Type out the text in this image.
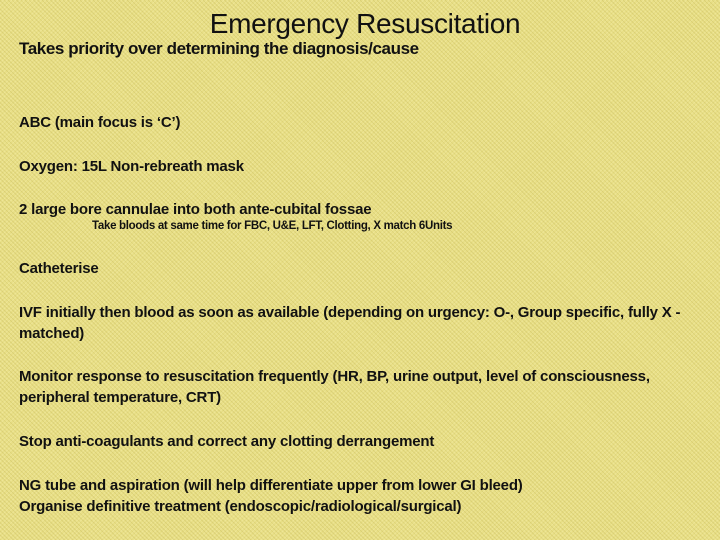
Emergency Resuscitation
Takes priority over determining the diagnosis/cause
ABC (main focus is ‘C’)
Oxygen: 15L Non-rebreath mask
2 large bore cannulae into both ante-cubital fossae
Take bloods at same time for FBC, U&E, LFT, Clotting, X match 6Units
Catheterise
IVF initially then blood as soon as available (depending on urgency: O-, Group specific, fully X -matched)
Monitor response to resuscitation frequently (HR, BP, urine output, level of consciousness, peripheral temperature, CRT)
Stop anti-coagulants and correct any clotting derrangement
NG tube and aspiration (will help differentiate upper from lower GI bleed)
Organise definitive treatment (endoscopic/radiological/surgical)
